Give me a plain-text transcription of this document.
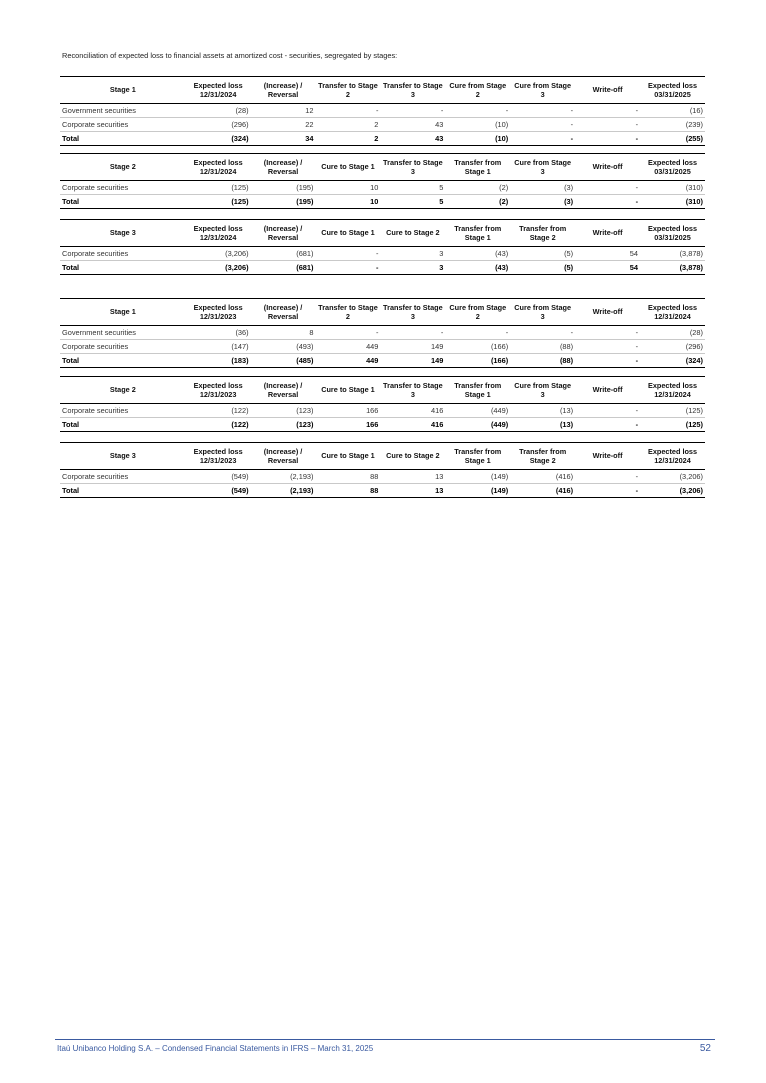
Reconciliation of expected loss to financial assets at amortized cost - securities, segregated by stages:
Stage 1	Expected loss 12/31/2024	(Increase) / Reversal	Transfer to Stage 2	Transfer to Stage 3	Cure from Stage 2	Cure from Stage 3	Write-off	Expected loss 03/31/2025
Government securities	(28)	12	-	-	-	-	-	(16)
Corporate securities	(296)	22	2	43	(10)	-	-	(239)
Total	(324)	34	2	43	(10)	-	-	(255)
Stage 2	Expected loss 12/31/2024	(Increase) / Reversal	Cure to Stage 1	Transfer to Stage 3	Transfer from Stage 1	Cure from Stage 3	Write-off	Expected loss 03/31/2025
Corporate securities	(125)	(195)	10	5	(2)	(3)	-	(310)
Total	(125)	(195)	10	5	(2)	(3)	-	(310)
Stage 3	Expected loss 12/31/2024	(Increase) / Reversal	Cure to Stage 1	Cure to Stage 2	Transfer from Stage 1	Transfer from Stage 2	Write-off	Expected loss 03/31/2025
Corporate securities	(3,206)	(681)	-	3	(43)	(5)	54	(3,878)
Total	(3,206)	(681)	-	3	(43)	(5)	54	(3,878)
Stage 1	Expected loss 12/31/2023	(Increase) / Reversal	Transfer to Stage 2	Transfer to Stage 3	Cure from Stage 2	Cure from Stage 3	Write-off	Expected loss 12/31/2024
Government securities	(36)	8	-	-	-	-	-	(28)
Corporate securities	(147)	(493)	449	149	(166)	(88)	-	(296)
Total	(183)	(485)	449	149	(166)	(88)	-	(324)
Stage 2	Expected loss 12/31/2023	(Increase) / Reversal	Cure to Stage 1	Transfer to Stage 3	Transfer from Stage 1	Cure from Stage 3	Write-off	Expected loss 12/31/2024
Corporate securities	(122)	(123)	166	416	(449)	(13)	-	(125)
Total	(122)	(123)	166	416	(449)	(13)	-	(125)
Stage 3	Expected loss 12/31/2023	(Increase) / Reversal	Cure to Stage 1	Cure to Stage 2	Transfer from Stage 1	Transfer from Stage 2	Write-off	Expected loss 12/31/2024
Corporate securities	(549)	(2,193)	88	13	(149)	(416)	-	(3,206)
Total	(549)	(2,193)	88	13	(149)	(416)	-	(3,206)
Itaú Unibanco Holding S.A. – Condensed Financial Statements in IFRS – March 31, 2025	52
